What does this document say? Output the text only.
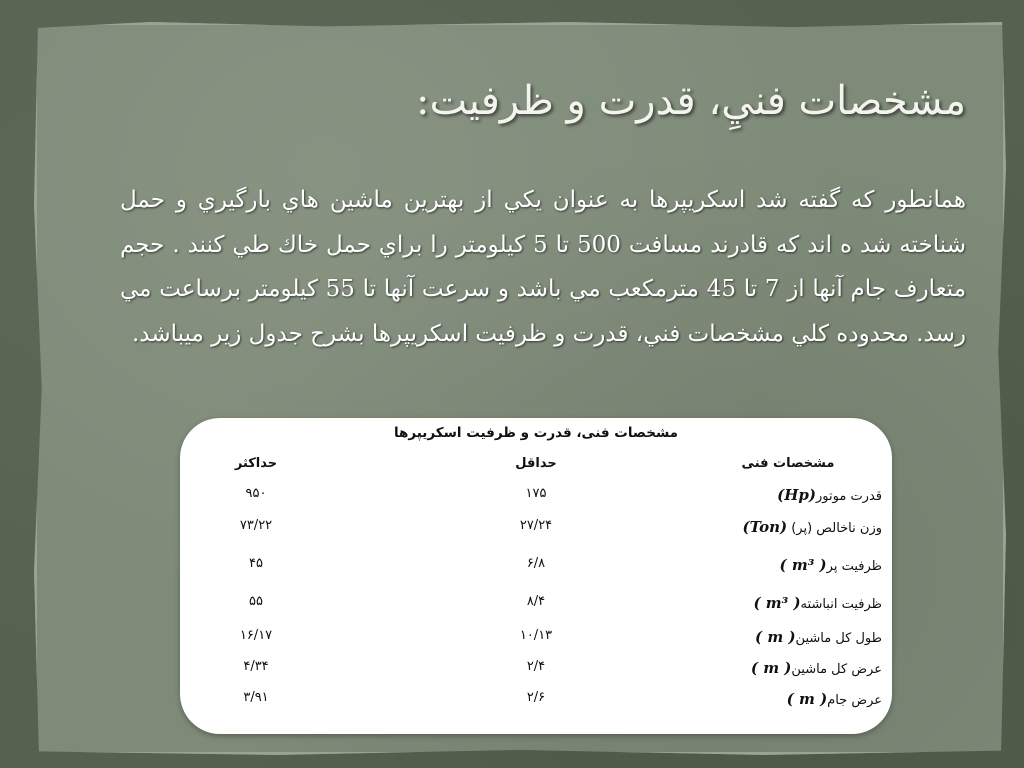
مشخصات فنيِ، قدرت و ظرفيت:

همانطور كه گفته شد اسكريپرها به عنوان يكي از بهترين ماشين هاي بارگيري و حمل شناخته شد ه اند كه قادرند مسافت 500 تا 5 كيلومتر را براي حمل خاك طي كنند . حجم متعارف جام آنها از 7 تا 45 مترمكعب مي باشد و سرعت آنها تا 55 كيلومتر برساعت مي رسد. محدوده كلي مشخصات فني، قدرت و ظرفيت اسكريپرها بشرح جدول زير ميباشد.

مشخصات فنی، قدرت و ظرفیت اسکریپرها
مشخصات فنی
حداقل
حداکثر
قدرت موتور(Hp)
۱۷۵
۹۵۰
وزن ناخالص (پر) (Ton)
۲۷/۲۴
۷۳/۲۲
ظرفیت پر( m³ )
۶/۸
۴۵
ظرفیت انباشته( m³ )
۸/۴
۵۵
طول کل ماشین( m )
۱۰/۱۳
۱۶/۱۷
عرض کل ماشین( m )
۲/۴
۴/۳۴
عرض جام( m )
۲/۶
۳/۹۱
